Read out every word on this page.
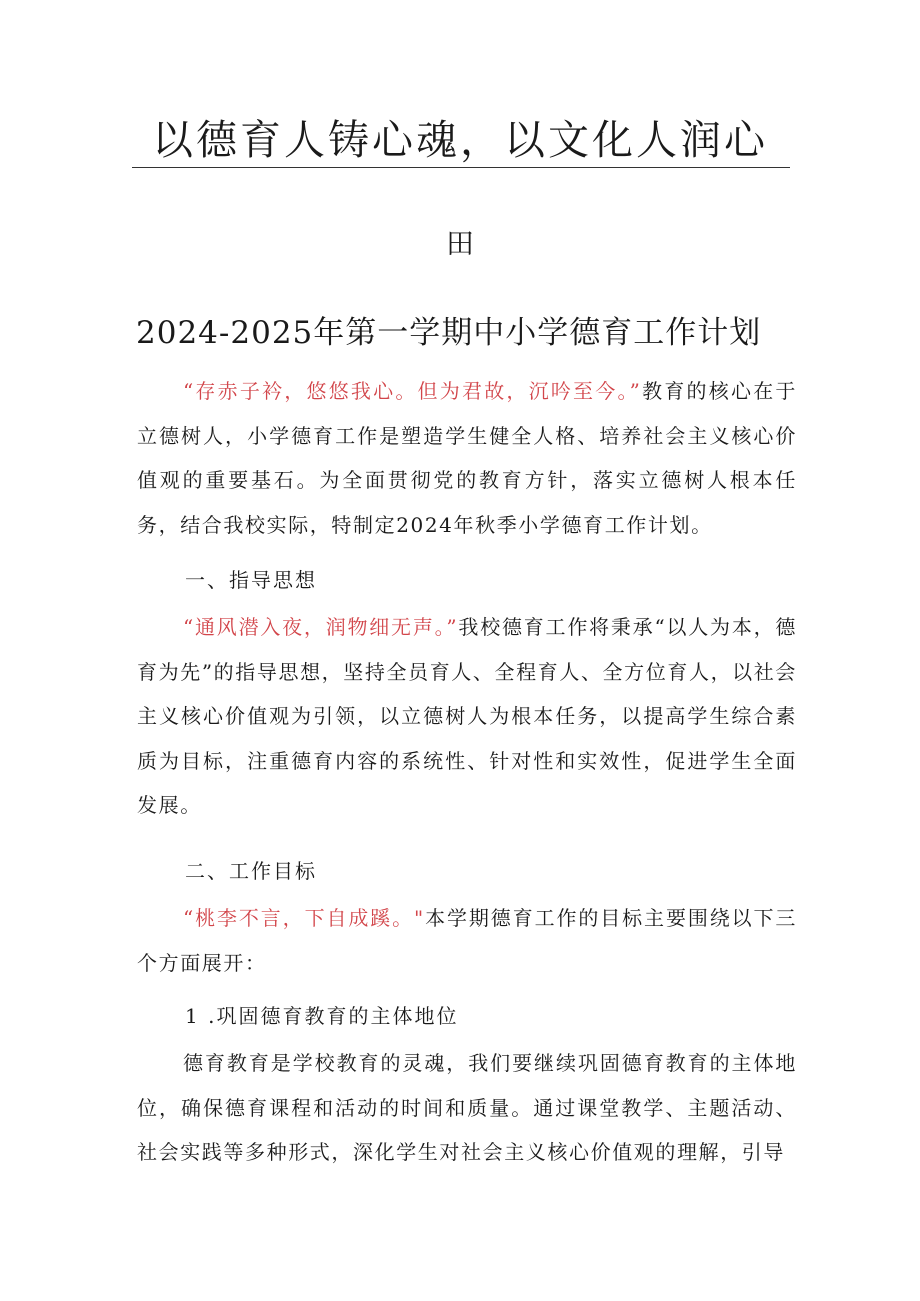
以德育人铸心魂，以文化人润心
田
2024-2025年第一学期中小学德育工作计划
“存赤子衿，悠悠我心。但为君故，沉吟至今。”教育的核心在于立德树人，小学德育工作是塑造学生健全人格、培养社会主义核心价值观的重要基石。为全面贯彻党的教育方针，落实立德树人根本任务，结合我校实际，特制定2024年秋季小学德育工作计划。
一、指导思想
“通风潜入夜，润物细无声。”我校德育工作将秉承“以人为本，德育为先”的指导思想，坚持全员育人、全程育人、全方位育人，以社会主义核心价值观为引领，以立德树人为根本任务，以提高学生综合素质为目标，注重德育内容的系统性、针对性和实效性，促进学生全面发展。
二、工作目标
“桃李不言，下自成蹊。"本学期德育工作的目标主要围绕以下三个方面展开：
1 .巩固德育教育的主体地位
德育教育是学校教育的灵魂，我们要继续巩固德育教育的主体地位，确保德育课程和活动的时间和质量。通过课堂教学、主题活动、社会实践等多种形式，深化学生对社会主义核心价值观的理解，引导
